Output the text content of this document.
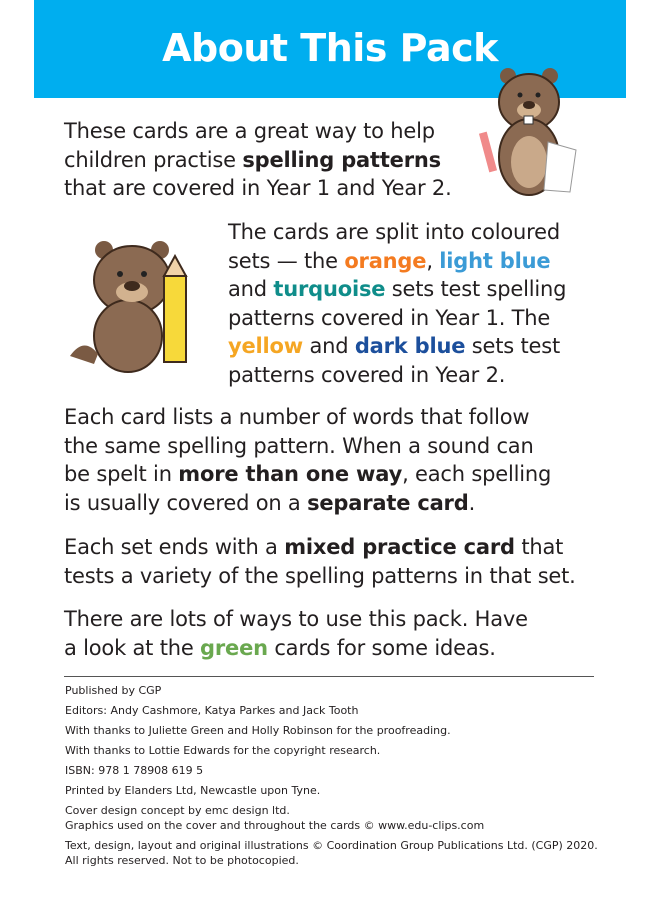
About This Pack
These cards are a great way to help children practise spelling patterns that are covered in Year 1 and Year 2.
The cards are split into coloured sets — the orange, light blue and turquoise sets test spelling patterns covered in Year 1. The yellow and dark blue sets test patterns covered in Year 2.
Each card lists a number of words that follow the same spelling pattern. When a sound can be spelt in more than one way, each spelling is usually covered on a separate card.
Each set ends with a mixed practice card that tests a variety of the spelling patterns in that set.
There are lots of ways to use this pack. Have a look at the green cards for some ideas.
Published by CGP
Editors: Andy Cashmore, Katya Parkes and Jack Tooth
With thanks to Juliette Green and Holly Robinson for the proofreading.
With thanks to Lottie Edwards for the copyright research.
ISBN: 978 1 78908 619 5
Printed by Elanders Ltd, Newcastle upon Tyne.
Cover design concept by emc design ltd.
Graphics used on the cover and throughout the cards © www.edu-clips.com
Text, design, layout and original illustrations © Coordination Group Publications Ltd. (CGP) 2020.
All rights reserved. Not to be photocopied.
